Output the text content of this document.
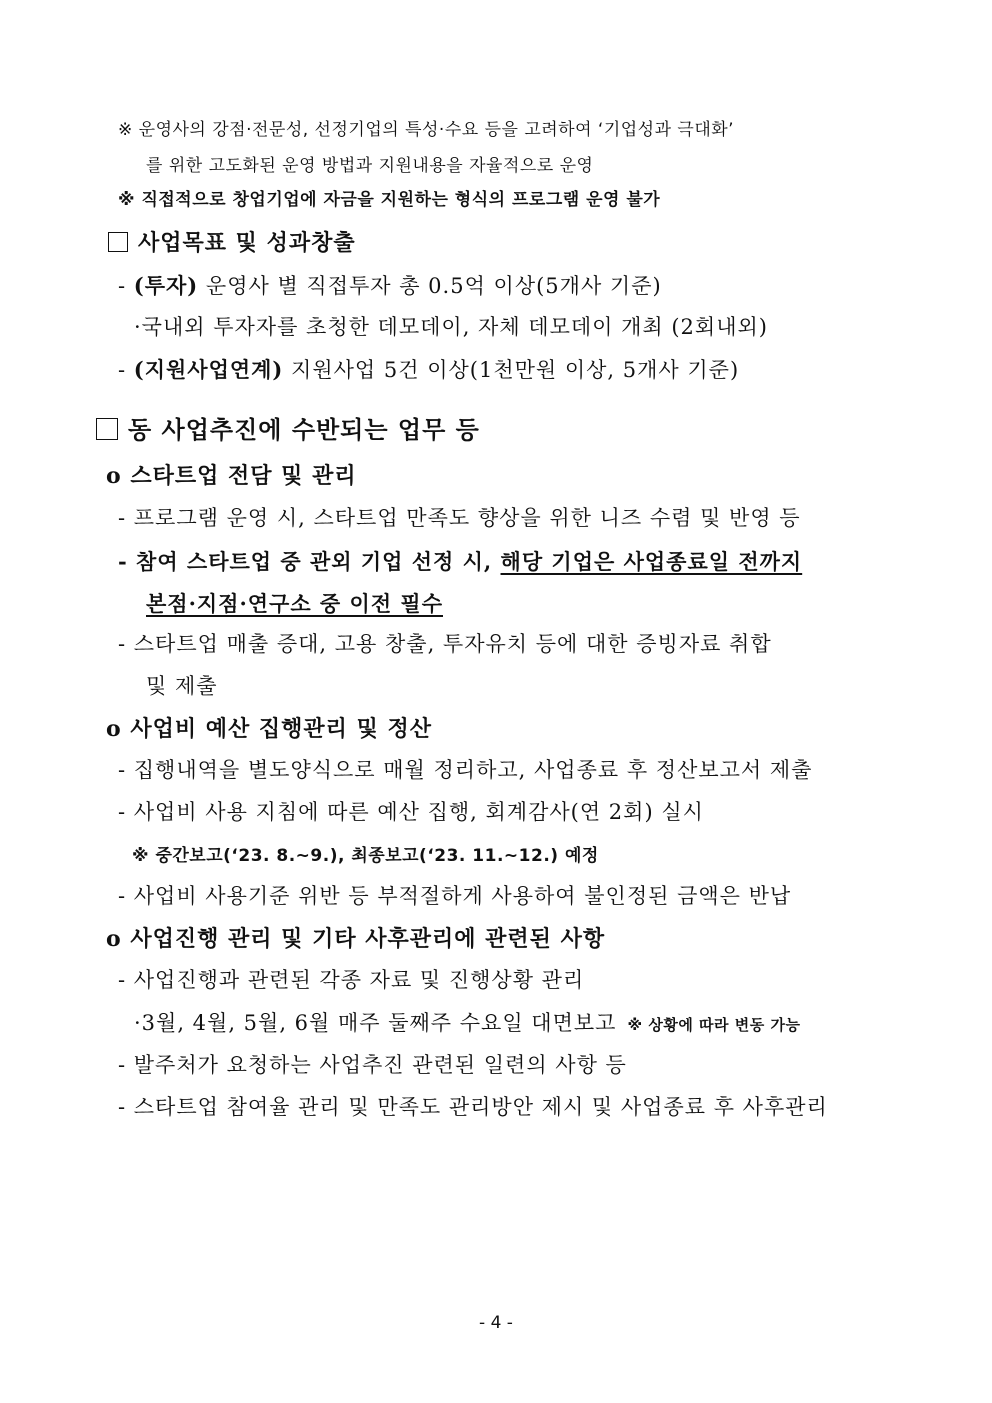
※ 운영사의 강점·전문성, 선정기업의 특성·수요 등을 고려하여 ‘기업성과 극대화’
를 위한 고도화된 운영 방법과 지원내용을 자율적으로 운영
※ 직접적으로 창업기업에 자금을 지원하는 형식의 프로그램 운영 불가
사업목표 및 성과창출
- (투자) 운영사 별 직접투자 총 0.5억 이상(5개사 기준)
·국내외 투자자를 초청한 데모데이, 자체 데모데이 개최 (2회내외)
- (지원사업연계) 지원사업 5건 이상(1천만원 이상, 5개사 기준)
동 사업추진에 수반되는 업무 등
o 스타트업 전담 및 관리
- 프로그램 운영 시, 스타트업 만족도 향상을 위한 니즈 수렴 및 반영 등
- 참여 스타트업 중 관외 기업 선정 시, 해당 기업은 사업종료일 전까지
본점·지점·연구소 중 이전 필수
- 스타트업 매출 증대, 고용 창출, 투자유치 등에 대한 증빙자료 취합
및 제출
o 사업비 예산 집행관리 및 정산
- 집행내역을 별도양식으로 매월 정리하고, 사업종료 후 정산보고서 제출
- 사업비 사용 지침에 따른 예산 집행, 회계감사(연 2회) 실시
※ 중간보고(‘23. 8.~9.), 최종보고(‘23. 11.~12.) 예정
- 사업비 사용기준 위반 등 부적절하게 사용하여 불인정된 금액은 반납
o 사업진행 관리 및 기타 사후관리에 관련된 사항
- 사업진행과 관련된 각종 자료 및 진행상황 관리
·3월, 4월, 5월, 6월 매주 둘째주 수요일 대면보고 ※ 상황에 따라 변동 가능
- 발주처가 요청하는 사업추진 관련된 일련의 사항 등
- 스타트업 참여율 관리 및 만족도 관리방안 제시 및 사업종료 후 사후관리
- 4 -
